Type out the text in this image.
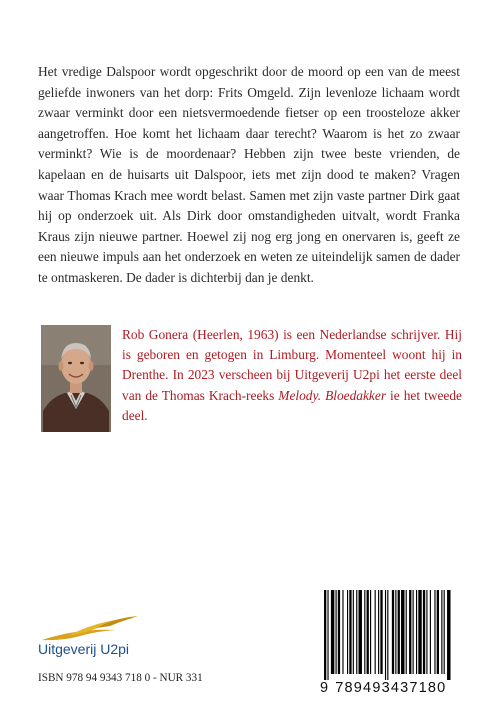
Het vredige Dalspoor wordt opgeschrikt door de moord op een van de meest geliefde inwoners van het dorp: Frits Omgeld. Zijn levenloze lichaam wordt zwaar verminkt door een nietsvermoedende fietser op een troosteloze akker aangetroffen. Hoe komt het lichaam daar terecht? Waarom is het zo zwaar verminkt? Wie is de moordenaar? Hebben zijn twee beste vrienden, de kapelaan en de huisarts uit Dalspoor, iets met zijn dood te maken? Vragen waar Thomas Krach mee wordt belast. Samen met zijn vaste partner Dirk gaat hij op onderzoek uit. Als Dirk door omstandigheden uitvalt, wordt Franka Kraus zijn nieuwe partner. Hoewel zij nog erg jong en onervaren is, geeft ze een nieuwe impuls aan het onderzoek en weten ze uiteindelijk samen de dader te ontmaskeren. De dader is dichterbij dan je denkt.

Rob Gonera (Heerlen, 1963) is een Nederlandse schrijver. Hij is geboren en getogen in Limburg. Momenteel woont hij in Drenthe. In 2023 verscheen bij Uitgeverij U2pi het eerste deel van de Thomas Krach-reeks Melody. Bloedakker ie het tweede deel.

Uitgeverij U2pi

ISBN 978 94 9343 718 0 - NUR 331

9 789493437180
